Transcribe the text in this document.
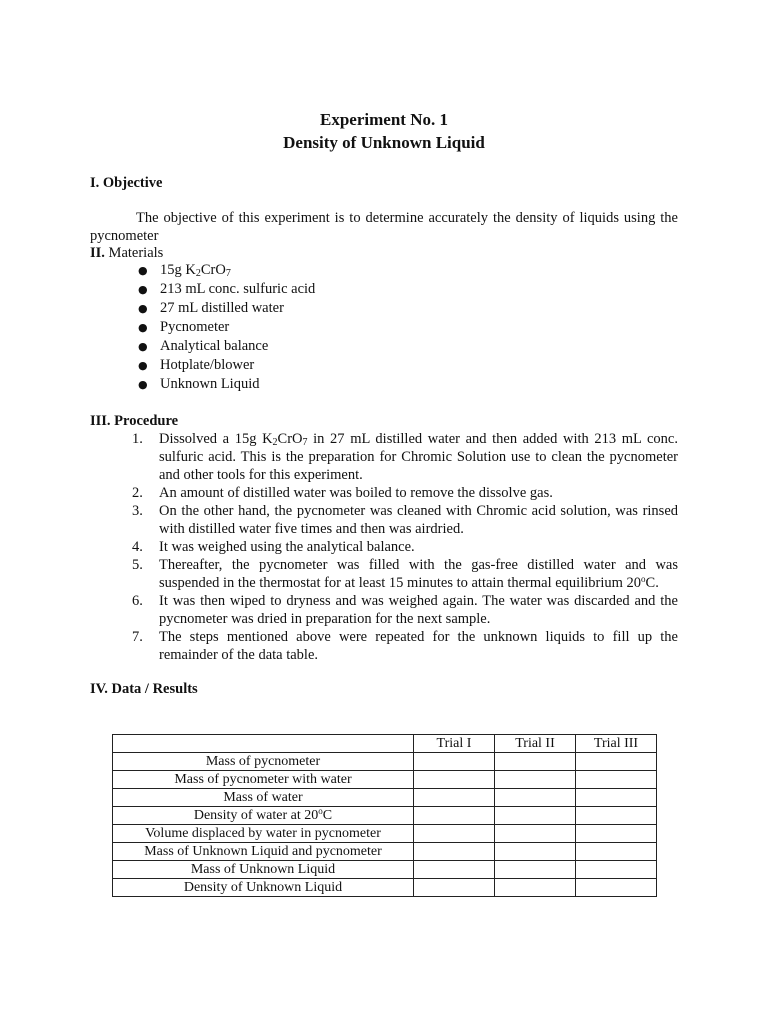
Experiment No. 1
Density of Unknown Liquid
I. Objective
The objective of this experiment is to determine accurately the density of liquids using the pycnometer
II. Materials
● 15g $K_2CrO_7$
● 213 mL conc. sulfuric acid
● 27 mL distilled water
● Pycnometer
● Analytical balance
● Hotplate/blower
● Unknown Liquid
III. Procedure
1. Dissolved a 15g $K_2CrO_7$ in 27 mL distilled water and then added with 213 mL conc. sulfuric acid. This is the preparation for Chromic Solution use to clean the pycnometer and other tools for this experiment.
2. An amount of distilled water was boiled to remove the dissolve gas.
3. On the other hand, the pycnometer was cleaned with Chromic acid solution, was rinsed with distilled water five times and then was airdried.
4. It was weighed using the analytical balance.
5. Thereafter, the pycnometer was filled with the gas-free distilled water and was suspended in the thermostat for at least 15 minutes to attain thermal equilibrium 20$^o$C.
6. It was then wiped to dryness and was weighed again. The water was discarded and the pycnometer was dried in preparation for the next sample.
7. The steps mentioned above were repeated for the unknown liquids to fill up the remainder of the data table.
IV. Data / Results
	Trial I	Trial II	Trial III
Mass of pycnometer			
Mass of pycnometer with water			
Mass of water			
Density of water at 20$^o$C			
Volume displaced by water in pycnometer			
Mass of Unknown Liquid and pycnometer			
Mass of Unknown Liquid			
Density of Unknown Liquid			
